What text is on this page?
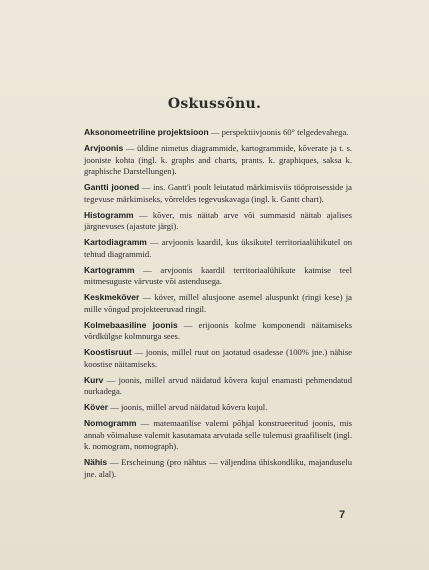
Oskussõnu.
Aksonomeetriline projektsioon — perspektiivjoonis 60° telgedevahega.
Arvjoonis — üldine nimetus diagrammide, kartogrammide, kõverate ja t. s. jooniste kohta (ingl. k. graphs and charts, prants. k. graphiques, saksa k. graphische Darstellungen).
Gantti jooned — ins. Gantt'i poolt leiutatud märkimisviis tööprotsesside ja tegevuse märkimiseks, võrreldes tegevuskavaga (ingl. k. Gantt chart).
Histogramm — kõver, mis näitab arve või summasid näitab ajalises järgnevuses (ajastute järgi).
Kartodiagramm — arvjoonis kaardil, kus üksikutel territoriaalühikutel on tehtud diagrammid.
Kartogramm — arvjoonis kaardil territoriaalühikute katmise teel mitmesuguste värvuste või astendusega.
Keskmeköver — köver, millel alusjoone asemel aluspunkt (ringi kese) ja mille võngud projekteeruvad ringil.
Kolmebaasiline joonis — erijoonis kolme komponendi näitamiseks võrdkülgse kolmnurga sees.
Koostisruut — joonis, millel ruut on jaotatud osadesse (100% jne.) nähise koostise näitamiseks.
Kurv — joonis, millel arvud näidatud kõvera kujul enamasti pehmendatud nurkadega.
Köver — joonis, millel arvud näidatud kõvera kujul.
Nomogramm — matemaatilise valemi põhjal konstrueeritud joonis, mis annab võimaluse valemit kasutamata arvutada selle tulemusi graafiliselt (ingl. k. nomogram, nomograph).
Nähis — Erscheinung (pro nähtus — väljendina ühiskondliku, majanduselu jne. alal).
7
